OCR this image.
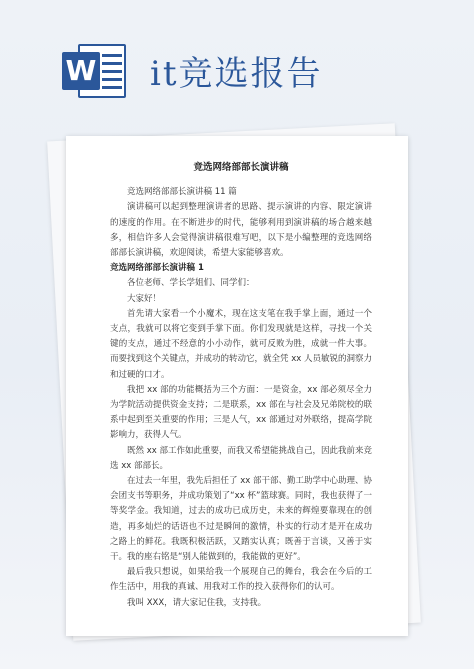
W it竞选报告
竞选网络部部长演讲稿

竞选网络部部长演讲稿 11 篇

演讲稿可以起到整理演讲者的思路、提示演讲的内容、限定演讲的速度的作用。在不断进步的时代，能够利用到演讲稿的场合越来越多，相信许多人会觉得演讲稿很难写吧，以下是小编整理的竞选网络部部长演讲稿，欢迎阅读，希望大家能够喜欢。

竞选网络部部长演讲稿 1

各位老师、学长学姐们、同学们：

大家好！

首先请大家看一个小魔术，现在这支笔在我手掌上面，通过一个支点，我就可以将它变到手掌下面。你们发现就是这样，寻找一个关键的支点，通过不经意的小小动作，就可反败为胜，成就一件大事。而要找到这个关键点，并成功的转动它，就全凭 xx 人员敏锐的洞察力和过硬的口才。

我把 xx 部的功能概括为三个方面：一是资金，xx 部必须尽全力为学院活动提供资金支持；二是联系，xx 部在与社会及兄弟院校的联系中起到至关重要的作用；三是人气，xx 部通过对外联络，提高学院影响力，获得人气。

既然 xx 部工作如此重要，而我又希望能挑战自己，因此我前来竞选 xx 部部长。

在过去一年里，我先后担任了 xx 部干部、勤工助学中心助理、协会团支书等职务，并成功策划了“xx 杯”篮球赛。同时，我也获得了一等奖学金。我知道，过去的成功已成历史，未来的辉煌要靠现在的创造，再多灿烂的话语也不过是瞬间的激情，朴实的行动才是开在成功之路上的鲜花。我既积极活跃，又踏实认真；既善于言谈，又善于实干。我的座右铭是“别人能做到的，我能做的更好”。

最后我只想说，如果给我一个展现自己的舞台，我会在今后的工作生活中，用我的真诚、用我对工作的投入获得你们的认可。

我叫 XXX，请大家记住我，支持我。
